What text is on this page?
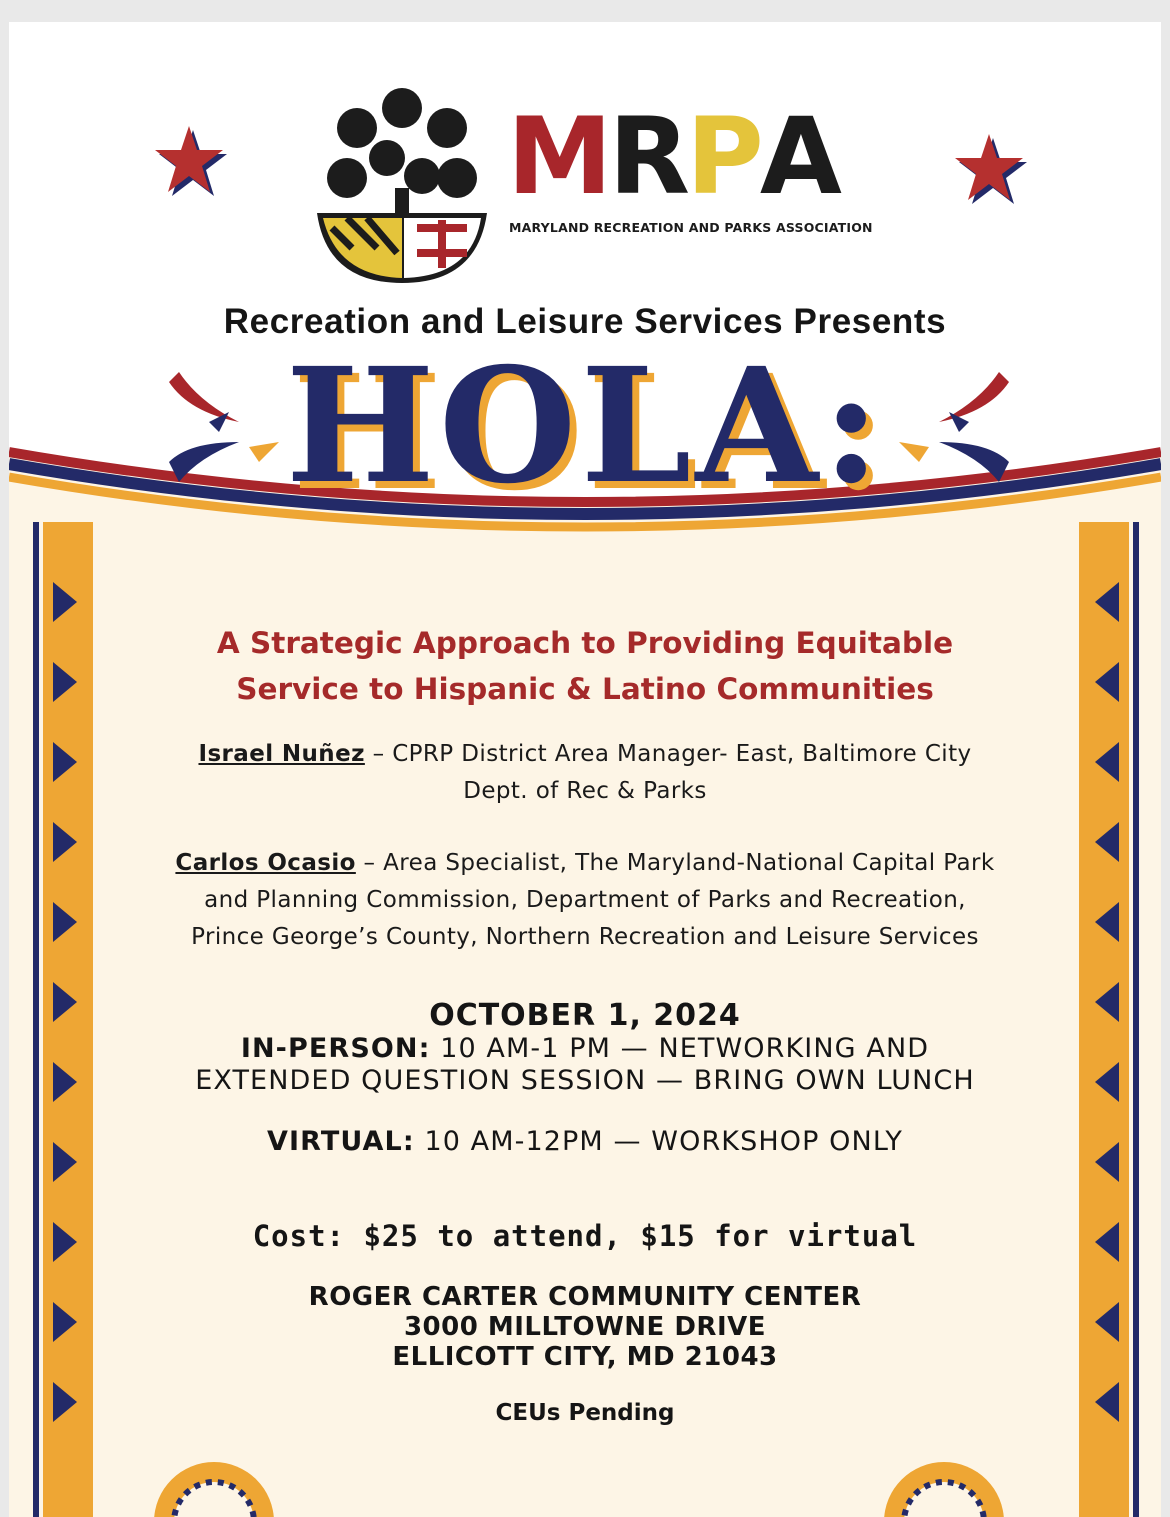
MRPA
MARYLAND RECREATION AND PARKS ASSOCIATION
Recreation and Leisure Services Presents
HOLA:
A Strategic Approach to Providing Equitable
Service to Hispanic & Latino Communities
Israel Nuñez – CPRP District Area Manager- East, Baltimore City
Dept. of Rec & Parks
Carlos Ocasio – Area Specialist, The Maryland-National Capital Park
and Planning Commission, Department of Parks and Recreation,
Prince George’s County, Northern Recreation and Leisure Services
OCTOBER 1, 2024
IN-PERSON: 10 AM-1 PM — NETWORKING AND
EXTENDED QUESTION SESSION — BRING OWN LUNCH
VIRTUAL: 10 AM-12PM — WORKSHOP ONLY
Cost: $25 to attend, $15 for virtual
ROGER CARTER COMMUNITY CENTER
3000 MILLTOWNE DRIVE
ELLICOTT CITY, MD 21043
CEUs Pending
